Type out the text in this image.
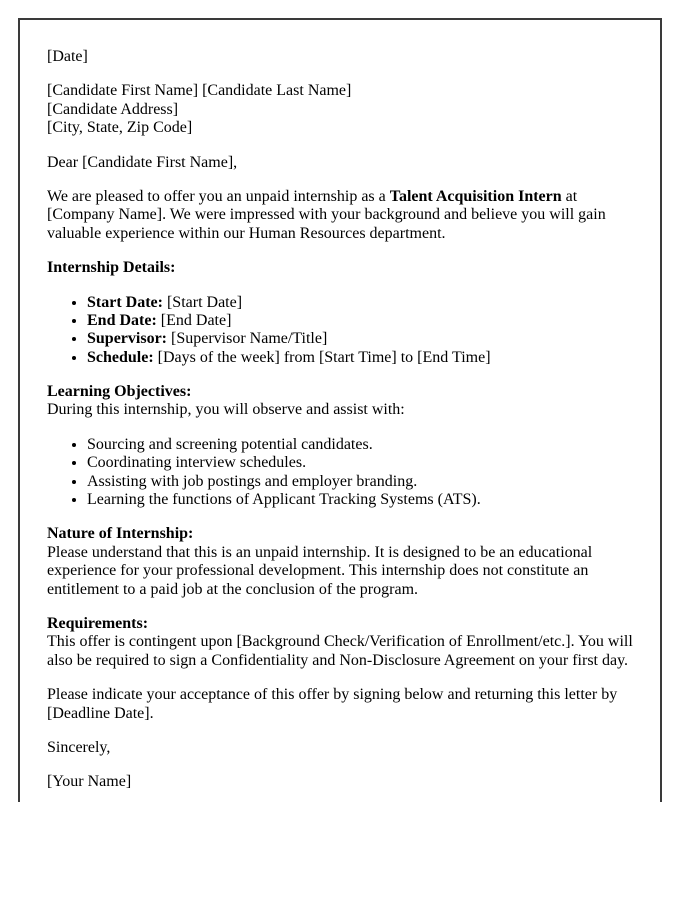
[Date]

[Candidate First Name] [Candidate Last Name]
[Candidate Address]
[City, State, Zip Code]

Dear [Candidate First Name],

We are pleased to offer you an unpaid internship as a Talent Acquisition Intern at [Company Name]. We were impressed with your background and believe you will gain valuable experience within our Human Resources department.

Internship Details:

• Start Date: [Start Date]
• End Date: [End Date]
• Supervisor: [Supervisor Name/Title]
• Schedule: [Days of the week] from [Start Time] to [End Time]

Learning Objectives:
During this internship, you will observe and assist with:

• Sourcing and screening potential candidates.
• Coordinating interview schedules.
• Assisting with job postings and employer branding.
• Learning the functions of Applicant Tracking Systems (ATS).

Nature of Internship:
Please understand that this is an unpaid internship. It is designed to be an educational experience for your professional development. This internship does not constitute an entitlement to a paid job at the conclusion of the program.

Requirements:
This offer is contingent upon [Background Check/Verification of Enrollment/etc.]. You will also be required to sign a Confidentiality and Non-Disclosure Agreement on your first day.

Please indicate your acceptance of this offer by signing below and returning this letter by [Deadline Date].

Sincerely,

[Your Name]
